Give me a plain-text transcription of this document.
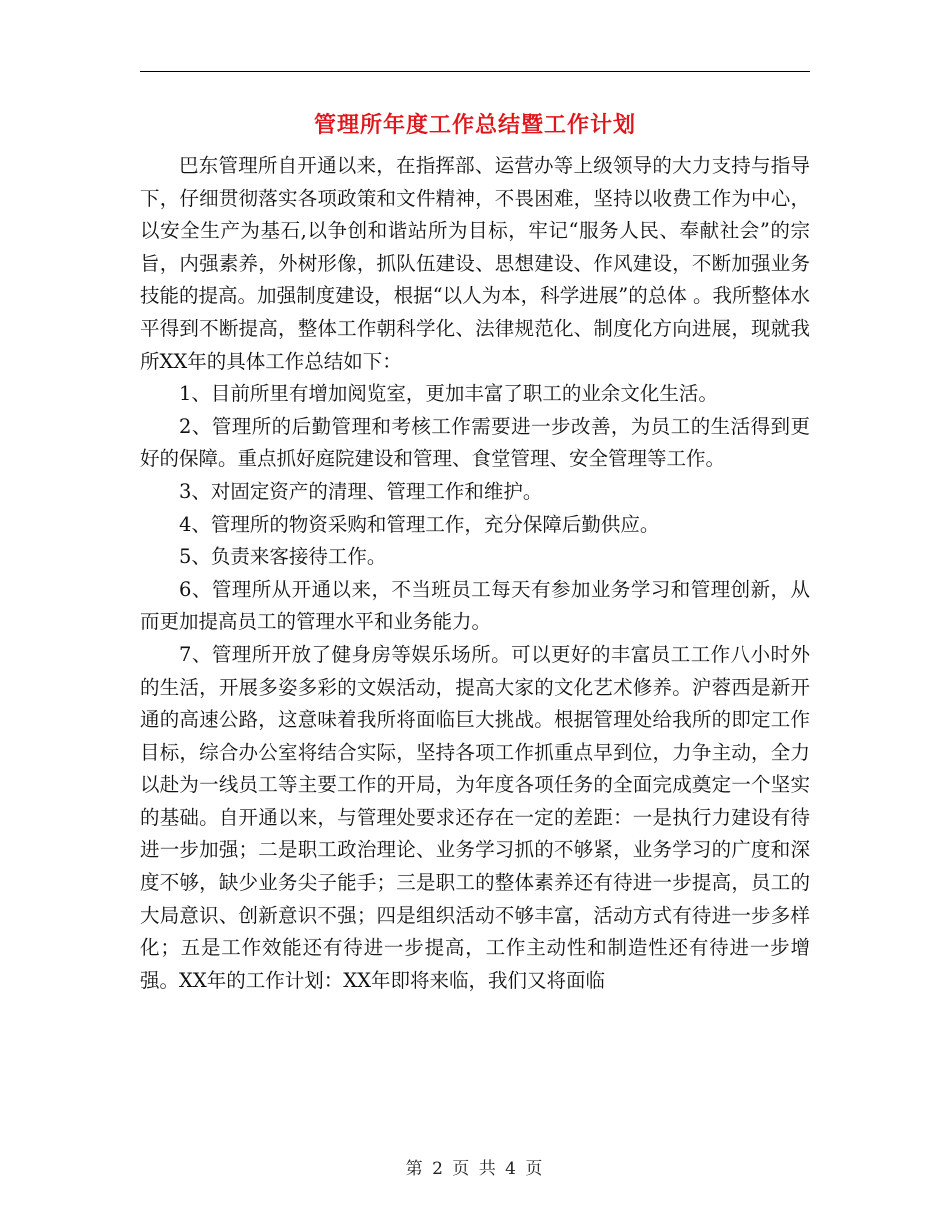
管理所年度工作总结暨工作计划

巴东管理所自开通以来，在指挥部、运营办等上级领导的大力支持与指导下，仔细贯彻落实各项政策和文件精神，不畏困难，坚持以收费工作为中心，以安全生产为基石,以争创和谐站所为目标，牢记“服务人民、奉献社会”的宗旨，内强素养，外树形像，抓队伍建设、思想建设、作风建设，不断加强业务技能的提高。加强制度建设，根据“以人为本，科学进展”的总体 。我所整体水平得到不断提高，整体工作朝科学化、法律规范化、制度化方向进展，现就我所XX年的具体工作总结如下：

1、目前所里有增加阅览室，更加丰富了职工的业余文化生活。

2、管理所的后勤管理和考核工作需要进一步改善，为员工的生活得到更好的保障。重点抓好庭院建设和管理、食堂管理、安全管理等工作。

3、对固定资产的清理、管理工作和维护。

4、管理所的物资采购和管理工作，充分保障后勤供应。

5、负责来客接待工作。

6、管理所从开通以来，不当班员工每天有参加业务学习和管理创新，从而更加提高员工的管理水平和业务能力。

7、管理所开放了健身房等娱乐场所。可以更好的丰富员工工作八小时外的生活，开展多姿多彩的文娱活动，提高大家的文化艺术修养。沪蓉西是新开通的高速公路，这意味着我所将面临巨大挑战。根据管理处给我所的即定工作目标，综合办公室将结合实际，坚持各项工作抓重点早到位，力争主动，全力以赴为一线员工等主要工作的开局，为年度各项任务的全面完成奠定一个坚实的基础。自开通以来，与管理处要求还存在一定的差距：一是执行力建设有待进一步加强；二是职工政治理论、业务学习抓的不够紧，业务学习的广度和深度不够，缺少业务尖子能手；三是职工的整体素养还有待进一步提高，员工的大局意识、创新意识不强；四是组织活动不够丰富，活动方式有待进一步多样化；五是工作效能还有待进一步提高，工作主动性和制造性还有待进一步增强。XX年的工作计划：XX年即将来临，我们又将面临

第 2 页 共 4 页
